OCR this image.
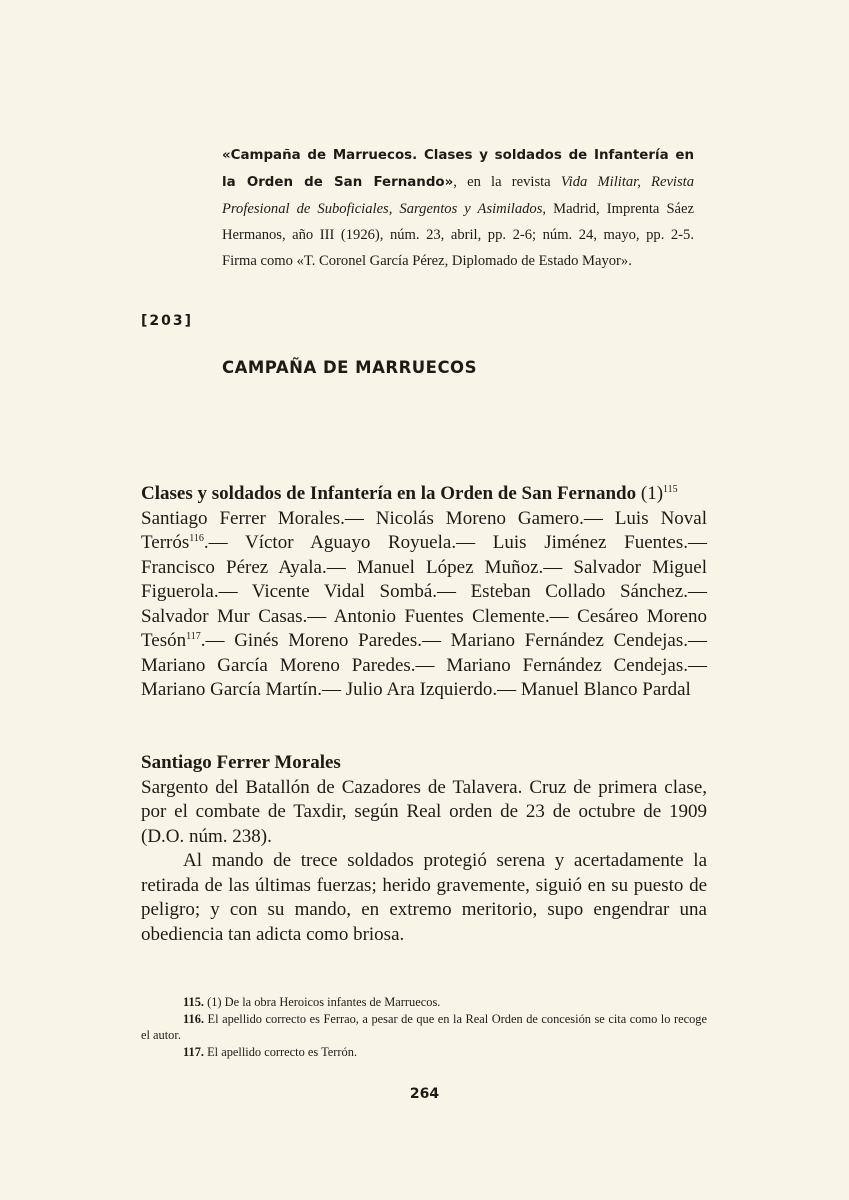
«Campaña de Marruecos. Clases y soldados de Infantería en la Orden de San Fernando», en la revista Vida Militar, Revista Profesional de Suboficiales, Sargentos y Asimilados, Madrid, Imprenta Sáez Hermanos, año III (1926), núm. 23, abril, pp. 2-6; núm. 24, mayo, pp. 2-5. Firma como «T. Coronel García Pérez, Diplomado de Estado Mayor».
[203]
CAMPAÑA DE MARRUECOS
Clases y soldados de Infantería en la Orden de San Fernando $(1)^{115}$

Santiago Ferrer Morales.— Nicolás Moreno Gamero.— Luis Noval Terrós$^{116}$.— Víctor Aguayo Royuela.— Luis Jiménez Fuentes.— Francisco Pérez Ayala.— Manuel López Muñoz.— Salvador Miguel Figuerola.— Vicente Vidal Sombá.— Esteban Collado Sánchez.— Salvador Mur Casas.— Antonio Fuentes Clemente.— Cesáreo Moreno Tesón$^{117}$.— Ginés Moreno Paredes.— Mariano Fernández Cendejas.— Mariano García Moreno Paredes.— Mariano Fernández Cendejas.— Mariano García Martín.— Julio Ara Izquierdo.— Manuel Blanco Pardal

Santiago Ferrer Morales

Sargento del Batallón de Cazadores de Talavera. Cruz de primera clase, por el combate de Taxdir, según Real orden de 23 de octubre de 1909 (D.O. núm. 238).

Al mando de trece soldados protegió serena y acertadamente la retirada de las últimas fuerzas; herido gravemente, siguió en su puesto de peligro; y con su mando, en extremo meritorio, supo engendrar una obediencia tan adicta como briosa.

115. (1) De la obra Heroicos infantes de Marruecos.

116. El apellido correcto es Ferrao, a pesar de que en la Real Orden de concesión se cita como lo recoge el autor.

117. El apellido correcto es Terrón.

264
